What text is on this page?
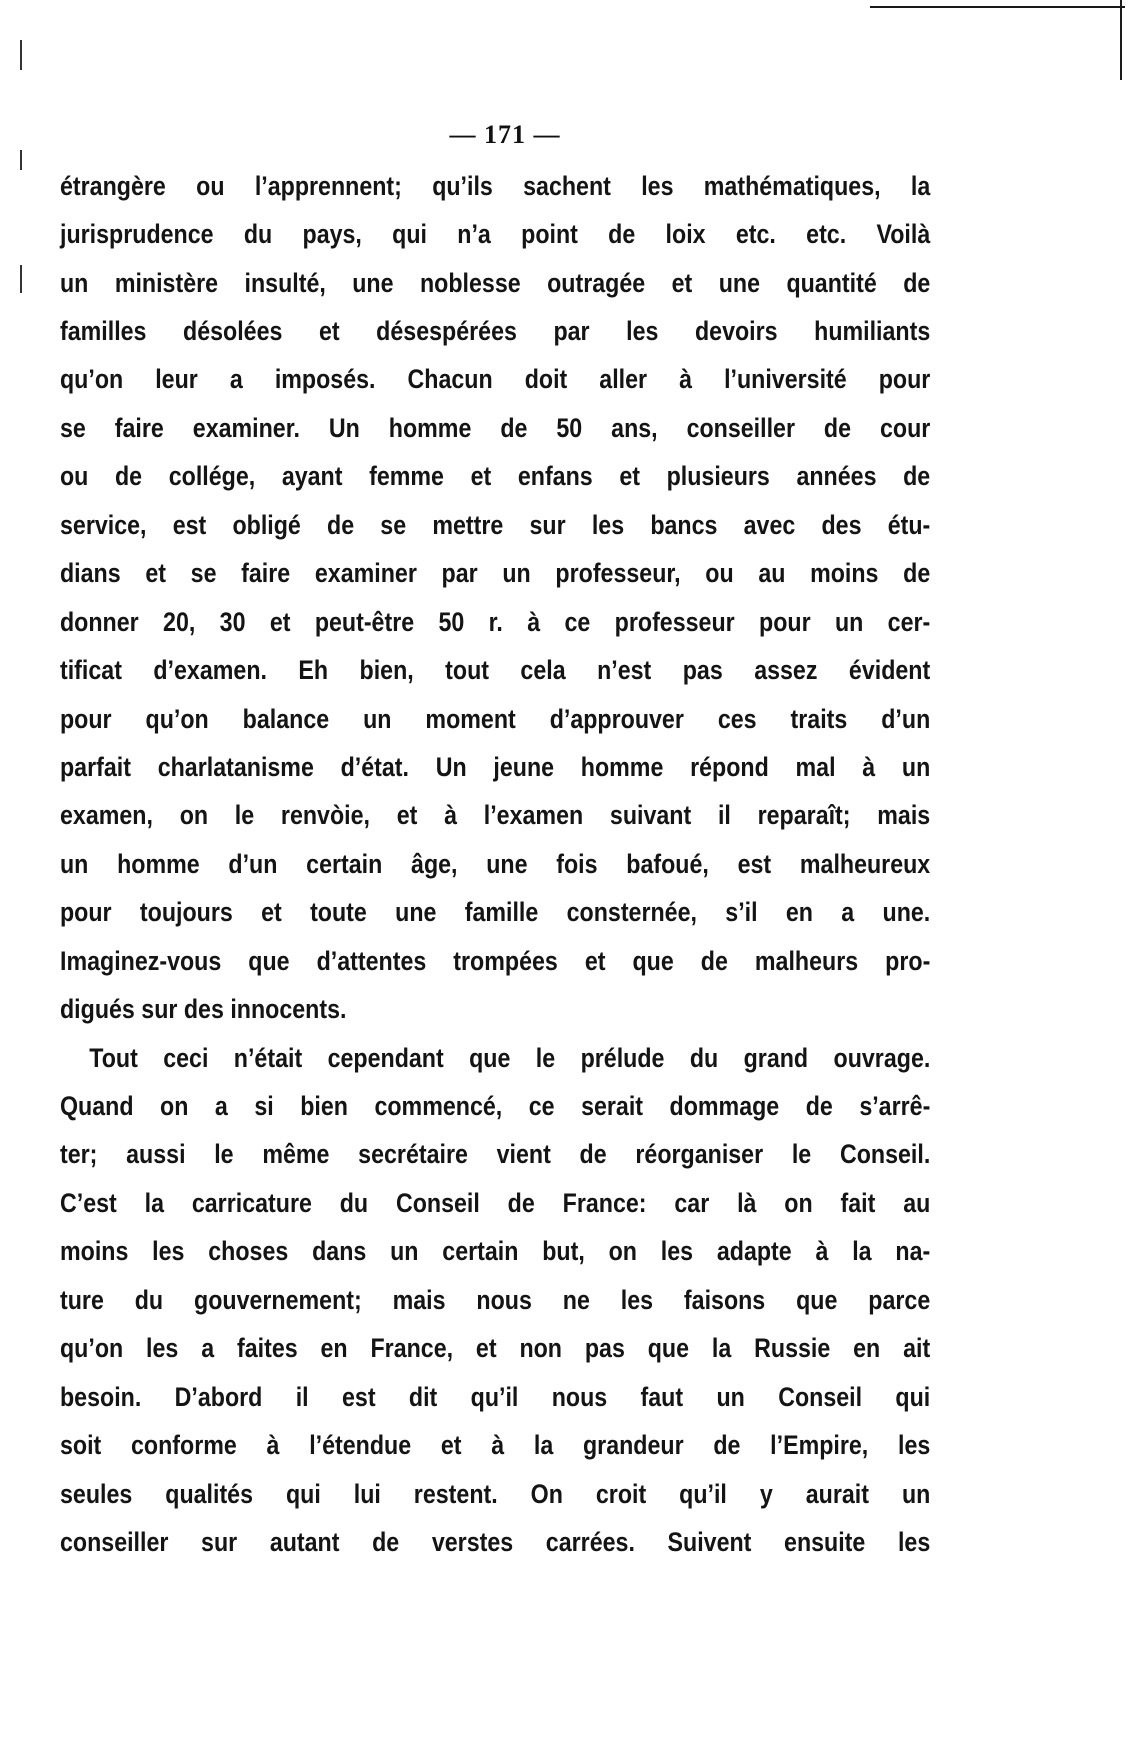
— 171 —
étrangère ou l’apprennent; qu’ils sachent les mathématiques, la
jurisprudence du pays, qui n’a point de loix etc. etc. Voilà
un ministère insulté, une noblesse outragée et une quantité de
familles désolées et désespérées par les devoirs humiliants
qu’on leur a imposés. Chacun doit aller à l’université pour
se faire examiner. Un homme de 50 ans, conseiller de cour
ou de collége, ayant femme et enfans et plusieurs années de
service, est obligé de se mettre sur les bancs avec des étu-
dians et se faire examiner par un professeur, ou au moins de
donner 20, 30 et peut-être 50 r. à ce professeur pour un cer-
tificat d’examen. Eh bien, tout cela n’est pas assez évident
pour qu’on balance un moment d’approuver ces traits d’un
parfait charlatanisme d’état. Un jeune homme répond mal à un
examen, on le renvòie, et à l’examen suivant il reparaît; mais
un homme d’un certain âge, une fois bafoué, est malheureux
pour toujours et toute une famille consternée, s’il en a une.
Imaginez-vous que d’attentes trompées et que de malheurs pro-
digués sur des innocents.
Tout ceci n’était cependant que le prélude du grand ouvrage.
Quand on a si bien commencé, ce serait dommage de s’arrê-
ter; aussi le même secrétaire vient de réorganiser le Conseil.
C’est la carricature du Conseil de France: car là on fait au
moins les choses dans un certain but, on les adapte à la na-
ture du gouvernement; mais nous ne les faisons que parce
qu’on les a faites en France, et non pas que la Russie en ait
besoin. D’abord il est dit qu’il nous faut un Conseil qui
soit conforme à l’étendue et à la grandeur de l’Empire, les
seules qualités qui lui restent. On croit qu’il y aurait un
conseiller sur autant de verstes carrées. Suivent ensuite les
